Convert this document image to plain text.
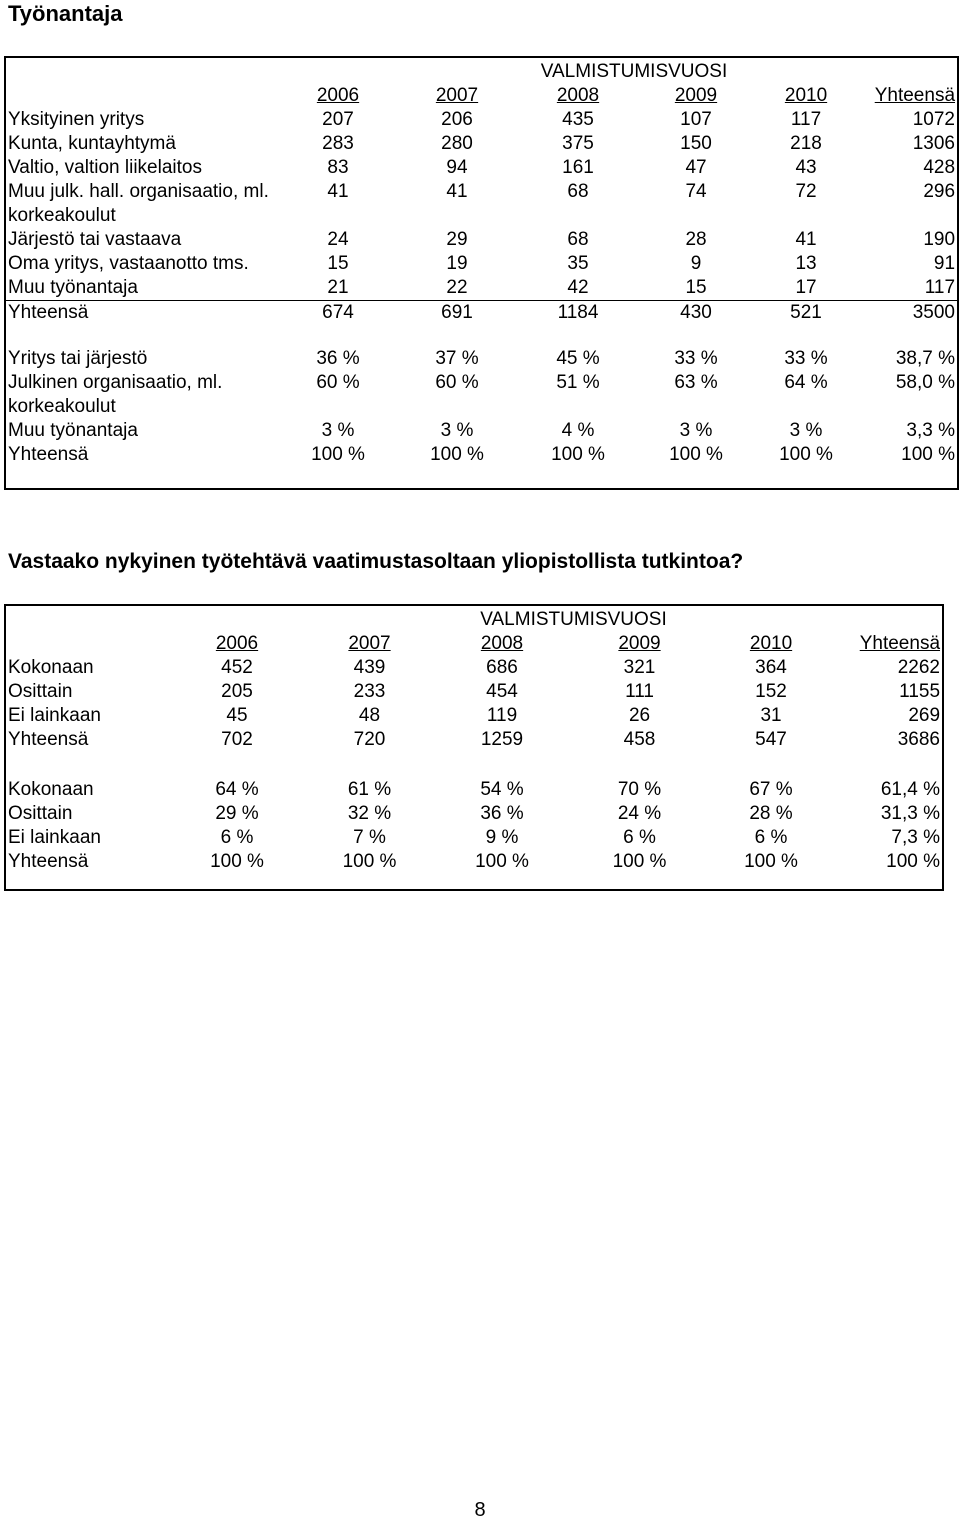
Työnantaja
			VALMISTUMISVUOSI			
	2006	2007	2008	2009	2010	Yhteensä
Yksityinen yritys	207	206	435	107	117	1072
Kunta, kuntayhtymä	283	280	375	150	218	1306
Valtio, valtion liikelaitos	83	94	161	47	43	428
Muu julk. hall. organisaatio, ml. korkeakoulut	41	41	68	74	72	296
Järjestö tai vastaava	24	29	68	28	41	190
Oma yritys, vastaanotto tms.	15	19	35	9	13	91
Muu työnantaja	21	22	42	15	17	117
Yhteensä	674	691	1184	430	521	3500

Yritys tai järjestö	36 %	37 %	45 %	33 %	33 %	38,7 %
Julkinen organisaatio, ml. korkeakoulut	60 %	60 %	51 %	63 %	64 %	58,0 %
Muu työnantaja	3 %	3 %	4 %	3 %	3 %	3,3 %
Yhteensä	100 %	100 %	100 %	100 %	100 %	100 %
Vastaako nykyinen työtehtävä vaatimustasoltaan yliopistollista tutkintoa?
			VALMISTUMISVUOSI			
	2006	2007	2008	2009	2010	Yhteensä
Kokonaan	452	439	686	321	364	2262
Osittain	205	233	454	111	152	1155
Ei lainkaan	45	48	119	26	31	269
Yhteensä	702	720	1259	458	547	3686

Kokonaan	64 %	61 %	54 %	70 %	67 %	61,4 %
Osittain	29 %	32 %	36 %	24 %	28 %	31,3 %
Ei lainkaan	6 %	7 %	9 %	6 %	6 %	7,3 %
Yhteensä	100 %	100 %	100 %	100 %	100 %	100 %
8
